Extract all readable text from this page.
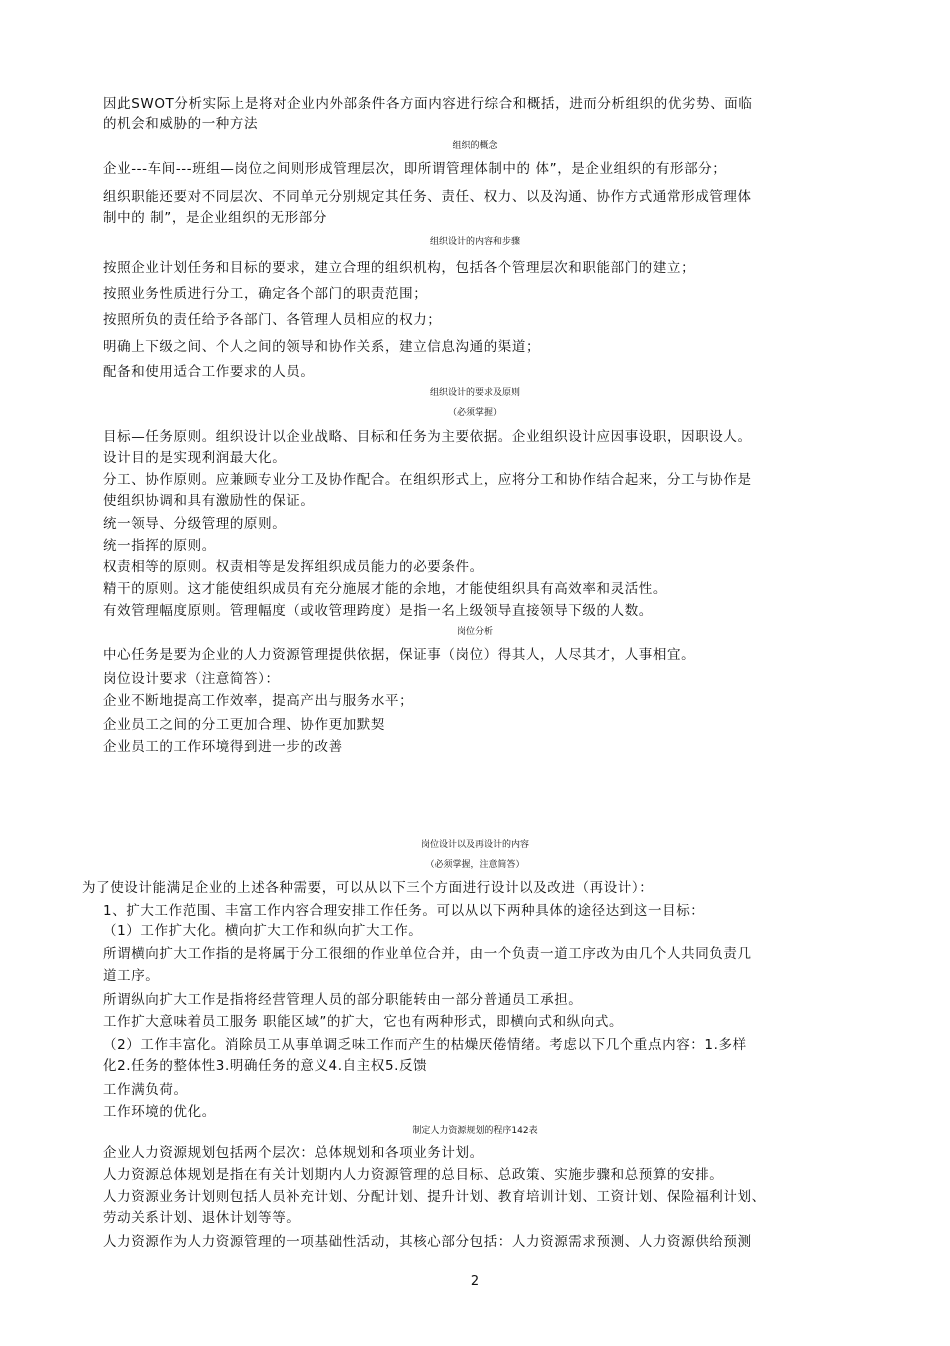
因此SWOT分析实际上是将对企业内外部条件各方面内容进行综合和概括，进而分析组织的优劣势、面临
的机会和威胁的一种方法
组织的概念
企业---车间---班组—岗位之间则形成管理层次，即所谓管理体制中的 体”，是企业组织的有形部分；
组织职能还要对不同层次、不同单元分别规定其任务、责任、权力、以及沟通、协作方式通常形成管理体
制中的 制”，是企业组织的无形部分
组织设计的内容和步骤
按照企业计划任务和目标的要求，建立合理的组织机构，包括各个管理层次和职能部门的建立；
按照业务性质进行分工，确定各个部门的职责范围；
按照所负的责任给予各部门、各管理人员相应的权力；
明确上下级之间、个人之间的领导和协作关系，建立信息沟通的渠道；
配备和使用适合工作要求的人员。
组织设计的要求及原则
（必须掌握）
目标—任务原则。组织设计以企业战略、目标和任务为主要依据。企业组织设计应因事设职，因职设人。
设计目的是实现利润最大化。
分工、协作原则。应兼顾专业分工及协作配合。在组织形式上，应将分工和协作结合起来，分工与协作是
使组织协调和具有激励性的保证。
统一领导、分级管理的原则。
统一指挥的原则。
权责相等的原则。权责相等是发挥组织成员能力的必要条件。
精干的原则。这才能使组织成员有充分施展才能的余地，才能使组织具有高效率和灵活性。
有效管理幅度原则。管理幅度（或收管理跨度）是指一名上级领导直接领导下级的人数。
岗位分析
中心任务是要为企业的人力资源管理提供依据，保证事（岗位）得其人，人尽其才，人事相宜。
岗位设计要求（注意简答）：
企业不断地提高工作效率，提高产出与服务水平；
企业员工之间的分工更加合理、协作更加默契
企业员工的工作环境得到进一步的改善
岗位设计以及再设计的内容
（必须掌握，注意简答）
为了使设计能满足企业的上述各种需要，可以从以下三个方面进行设计以及改进（再设计）：
1、扩大工作范围、丰富工作内容合理安排工作任务。可以从以下两种具体的途径达到这一目标：
（1）工作扩大化。横向扩大工作和纵向扩大工作。
所谓横向扩大工作指的是将属于分工很细的作业单位合并，由一个负责一道工序改为由几个人共同负责几
道工序。
所谓纵向扩大工作是指将经营管理人员的部分职能转由一部分普通员工承担。
工作扩大意味着员工服务 职能区域”的扩大，它也有两种形式，即横向式和纵向式。
（2）工作丰富化。消除员工从事单调乏味工作而产生的枯燥厌倦情绪。考虑以下几个重点内容：1.多样
化2.任务的整体性3.明确任务的意义4.自主权5.反馈
工作满负荷。
工作环境的优化。
制定人力资源规划的程序142表
企业人力资源规划包括两个层次：总体规划和各项业务计划。
人力资源总体规划是指在有关计划期内人力资源管理的总目标、总政策、实施步骤和总预算的安排。
人力资源业务计划则包括人员补充计划、分配计划、提升计划、教育培训计划、工资计划、保险福利计划、
劳动关系计划、退休计划等等。
人力资源作为人力资源管理的一项基础性活动，其核心部分包括：人力资源需求预测、人力资源供给预测
2
